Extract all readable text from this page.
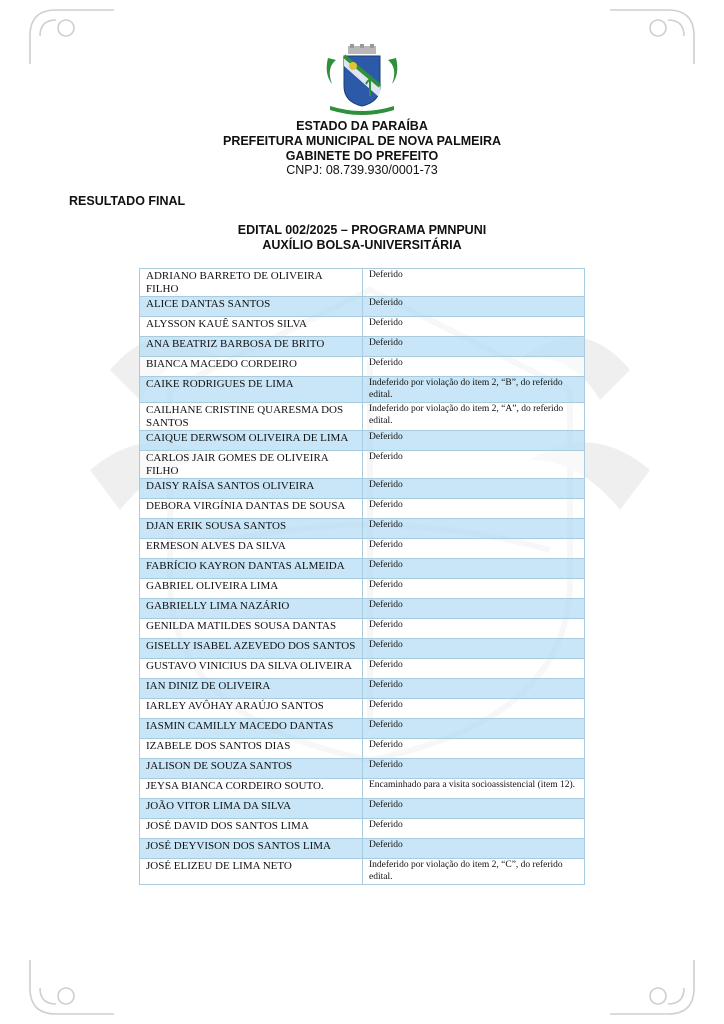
ESTADO DA PARAÍBA
PREFEITURA MUNICIPAL DE NOVA PALMEIRA
GABINETE DO PREFEITO
CNPJ: 08.739.930/0001-73
RESULTADO FINAL
EDITAL 002/2025 – PROGRAMA PMNPUNI
AUXÍLIO BOLSA-UNIVERSITÁRIA
ADRIANO BARRETO DE OLIVEIRA FILHO	Deferido
ALICE DANTAS SANTOS	Deferido
ALYSSON KAUÊ SANTOS SILVA	Deferido
ANA BEATRIZ BARBOSA DE BRITO	Deferido
BIANCA MACEDO CORDEIRO	Deferido
CAIKE RODRIGUES DE LIMA	Indeferido por violação do item 2, “B”, do referido edital.
CAILHANE CRISTINE QUARESMA DOS SANTOS	Indeferido por violação do item 2, “A”, do referido edital.
CAIQUE DERWSOM OLIVEIRA DE LIMA	Deferido
CARLOS JAIR GOMES DE OLIVEIRA FILHO	Deferido
DAISY RAÍSA SANTOS OLIVEIRA	Deferido
DEBORA VIRGÍNIA DANTAS DE SOUSA	Deferido
DJAN ERIK SOUSA SANTOS	Deferido
ERMESON ALVES DA SILVA	Deferido
FABRÍCIO KAYRON DANTAS ALMEIDA	Deferido
GABRIEL OLIVEIRA LIMA	Deferido
GABRIELLY LIMA NAZÁRIO	Deferido
GENILDA MATILDES SOUSA DANTAS	Deferido
GISELLY ISABEL AZEVEDO DOS SANTOS	Deferido
GUSTAVO VINICIUS DA SILVA OLIVEIRA	Deferido
IAN DINIZ DE OLIVEIRA	Deferido
IARLEY AVÔHAY ARAÚJO SANTOS	Deferido
IASMIN CAMILLY MACEDO DANTAS	Deferido
IZABELE DOS SANTOS DIAS	Deferido
JALISON DE SOUZA SANTOS	Deferido
JEYSA BIANCA CORDEIRO SOUTO.	Encaminhado para a visita socioassistencial (item 12).
JOÃO VITOR LIMA DA SILVA	Deferido
JOSÉ DAVID DOS SANTOS LIMA	Deferido
JOSÉ DEYVISON DOS SANTOS LIMA	Deferido
JOSÉ ELIZEU DE LIMA NETO	Indeferido por violação do item 2, “C”, do referido edital.
